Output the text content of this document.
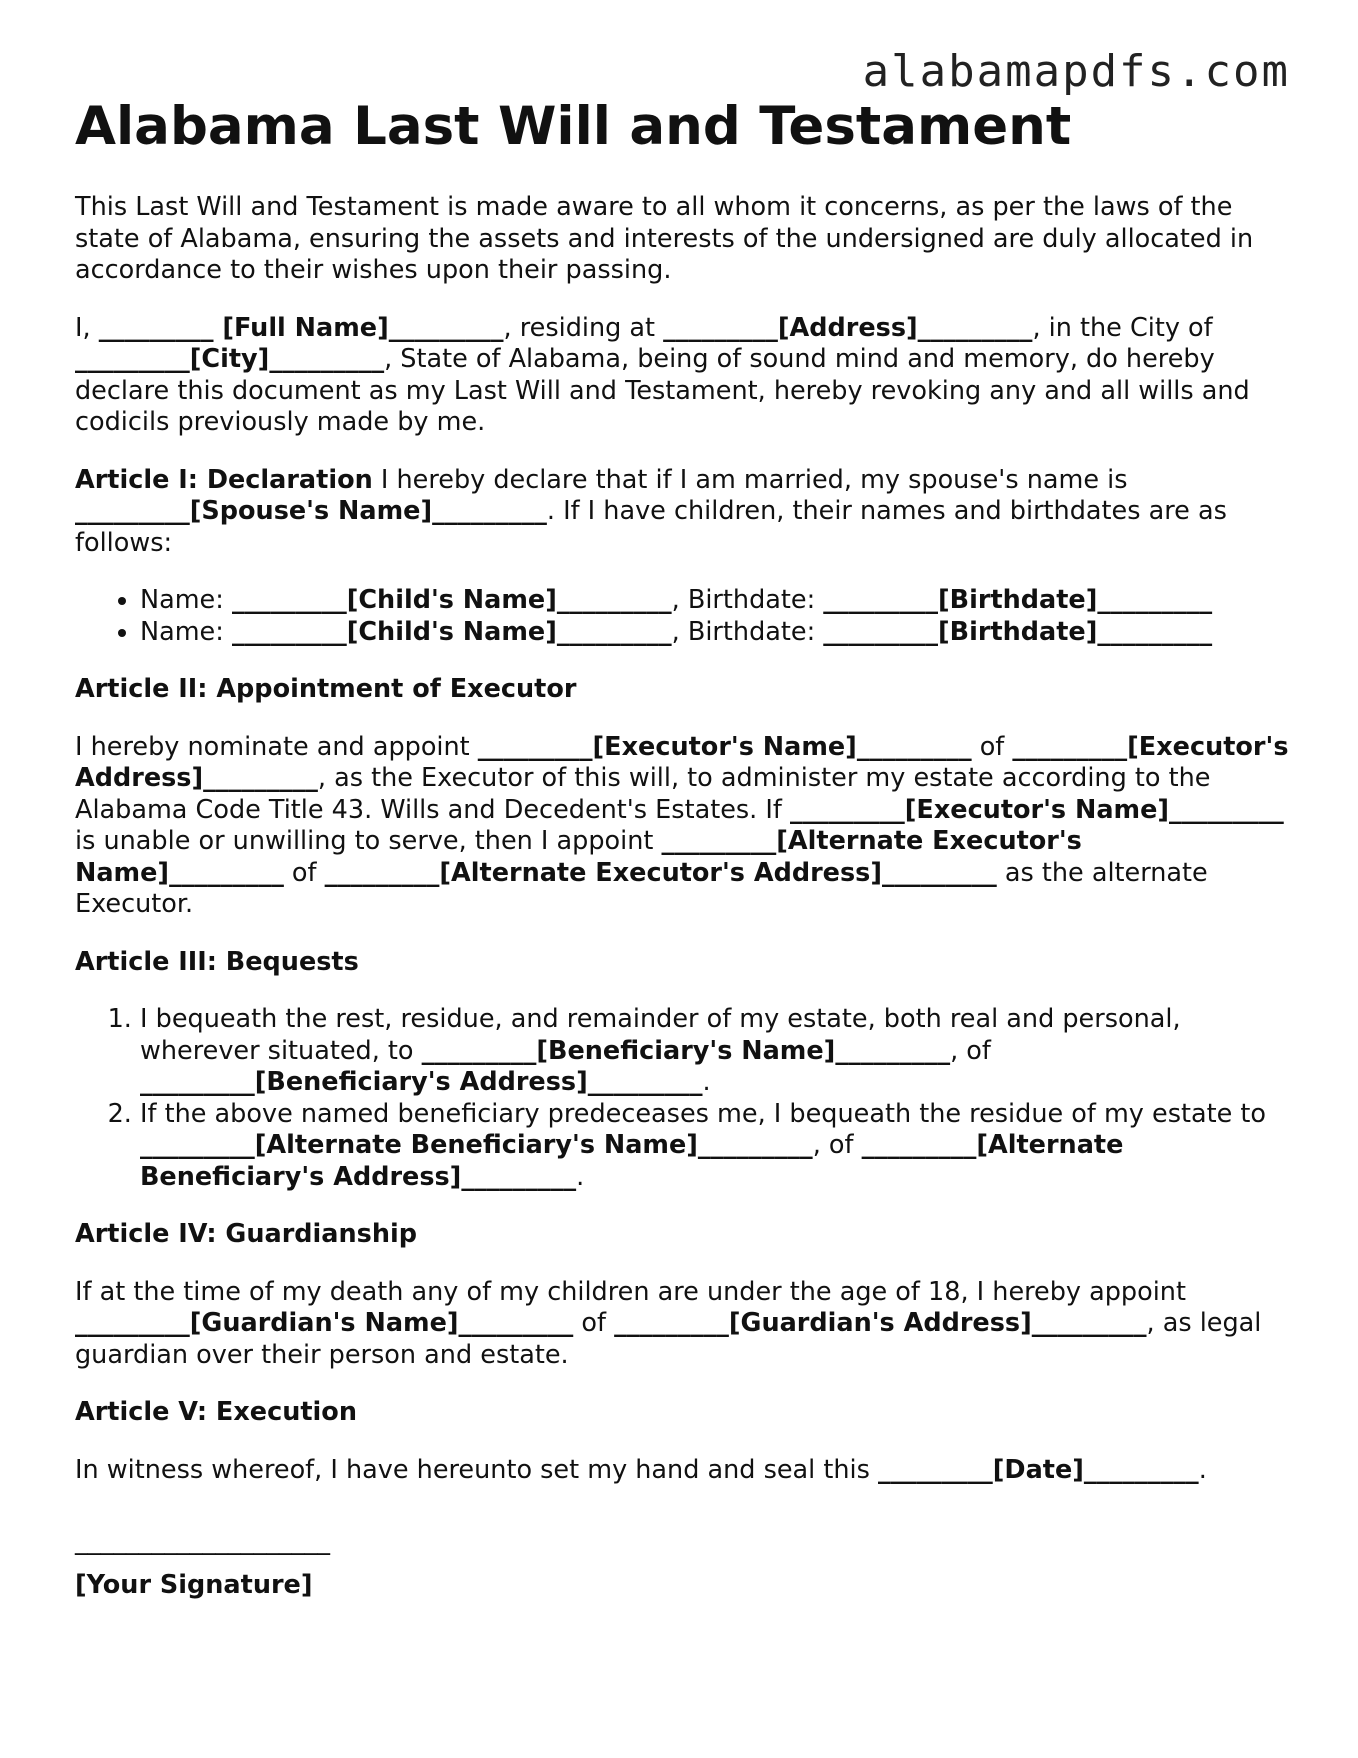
alabamapdfs.com
Alabama Last Will and Testament

This Last Will and Testament is made aware to all whom it concerns, as per the laws of the state of Alabama, ensuring the assets and interests of the undersigned are duly allocated in accordance to their wishes upon their passing.

I, _________ [Full Name]_________, residing at _________[Address]_________, in the City of _________[City]_________, State of Alabama, being of sound mind and memory, do hereby declare this document as my Last Will and Testament, hereby revoking any and all wills and codicils previously made by me.

Article I: Declaration I hereby declare that if I am married, my spouse's name is _________[Spouse's Name]_________. If I have children, their names and birthdates are as follows:

• Name: _________[Child's Name]_________, Birthdate: _________[Birthdate]_________
• Name: _________[Child's Name]_________, Birthdate: _________[Birthdate]_________
Article II: Appointment of Executor

I hereby nominate and appoint _________[Executor's Name]_________ of _________[Executor's Address]_________, as the Executor of this will, to administer my estate according to the Alabama Code Title 43. Wills and Decedent's Estates. If _________[Executor's Name]_________ is unable or unwilling to serve, then I appoint _________[Alternate Executor's Name]_________ of _________[Alternate Executor's Address]_________ as the alternate Executor.

Article III: Bequests
1. I bequeath the rest, residue, and remainder of my estate, both real and personal, wherever situated, to _________[Beneficiary's Name]_________, of _________[Beneficiary's Address]_________.
2. If the above named beneficiary predeceases me, I bequeath the residue of my estate to _________[Alternate Beneficiary's Name]_________, of _________[Alternate Beneficiary's Address]_________.
Article IV: Guardianship

If at the time of my death any of my children are under the age of 18, I hereby appoint _________[Guardian's Name]_________ of _________[Guardian's Address]_________, as legal guardian over their person and estate.

Article V: Execution

In witness whereof, I have hereunto set my hand and seal this _________[Date]_________.

____________________
[Your Signature]
